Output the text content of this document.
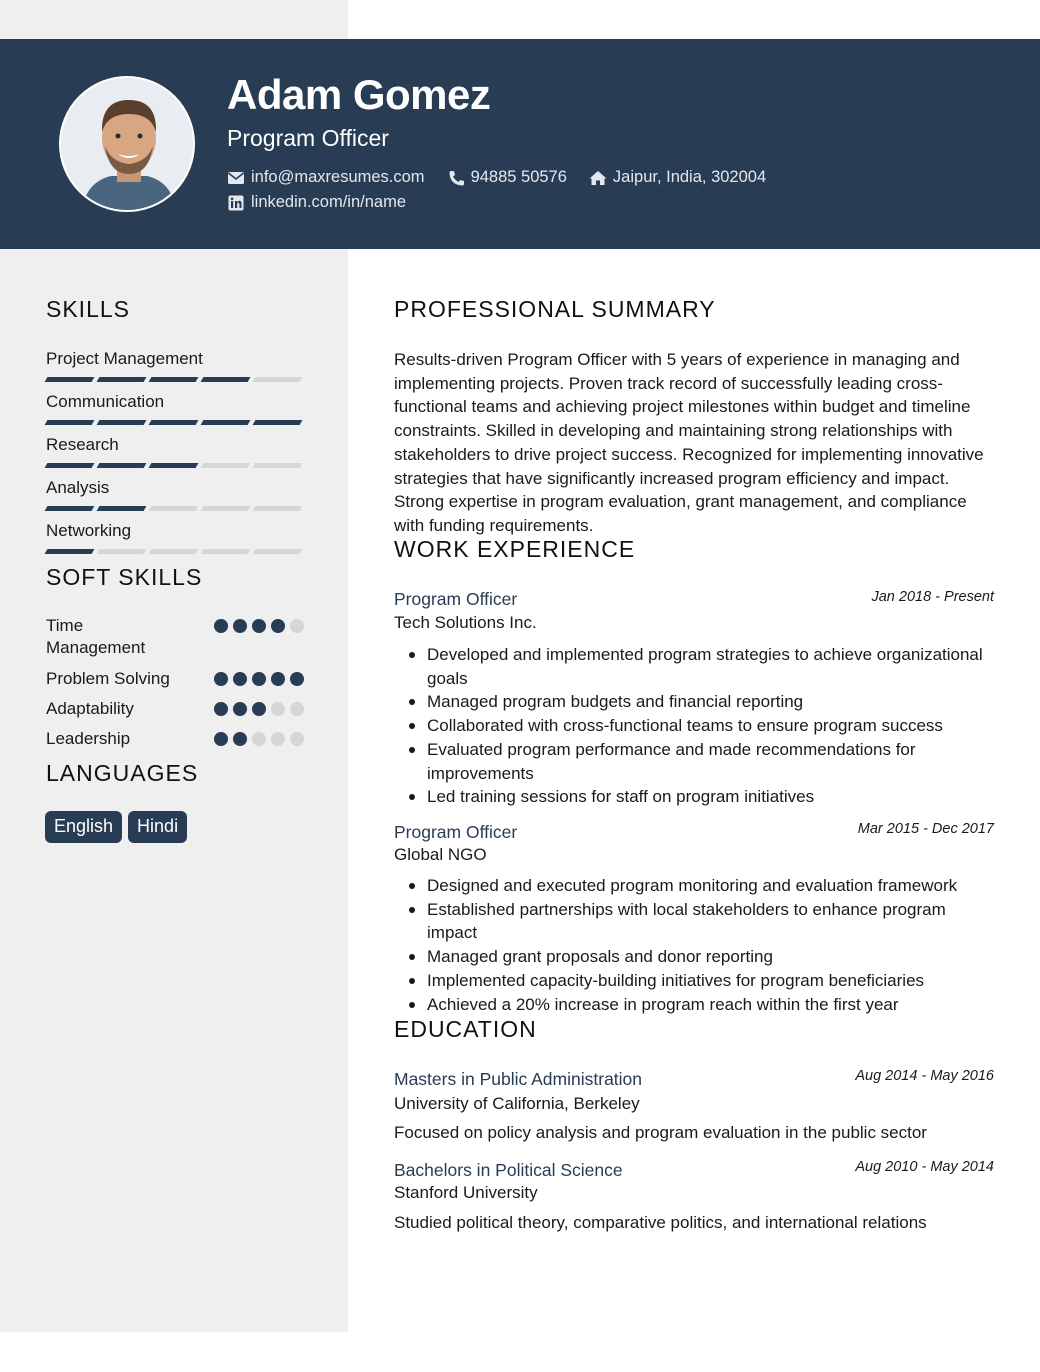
Adam Gomez
Program Officer
info@maxresumes.com	94885 50576	Jaipur, India, 302004
linkedin.com/in/name
SKILLS
Project Management
Communication
Research
Analysis
Networking
SOFT SKILLS
Time Management
Problem Solving
Adaptability
Leadership
LANGUAGES
English	Hindi
PROFESSIONAL SUMMARY
Results-driven Program Officer with 5 years of experience in managing and implementing projects. Proven track record of successfully leading cross-functional teams and achieving project milestones within budget and timeline constraints. Skilled in developing and maintaining strong relationships with stakeholders to drive project success. Recognized for implementing innovative strategies that have significantly increased program efficiency and impact. Strong expertise in program evaluation, grant management, and compliance with funding requirements.
WORK EXPERIENCE
Program Officer	Jan 2018 - Present
Tech Solutions Inc.
Developed and implemented program strategies to achieve organizational goals
Managed program budgets and financial reporting
Collaborated with cross-functional teams to ensure program success
Evaluated program performance and made recommendations for improvements
Led training sessions for staff on program initiatives
Program Officer	Mar 2015 - Dec 2017
Global NGO
Designed and executed program monitoring and evaluation framework
Established partnerships with local stakeholders to enhance program impact
Managed grant proposals and donor reporting
Implemented capacity-building initiatives for program beneficiaries
Achieved a 20% increase in program reach within the first year
EDUCATION
Masters in Public Administration	Aug 2014 - May 2016
University of California, Berkeley
Focused on policy analysis and program evaluation in the public sector
Bachelors in Political Science	Aug 2010 - May 2014
Stanford University
Studied political theory, comparative politics, and international relations
